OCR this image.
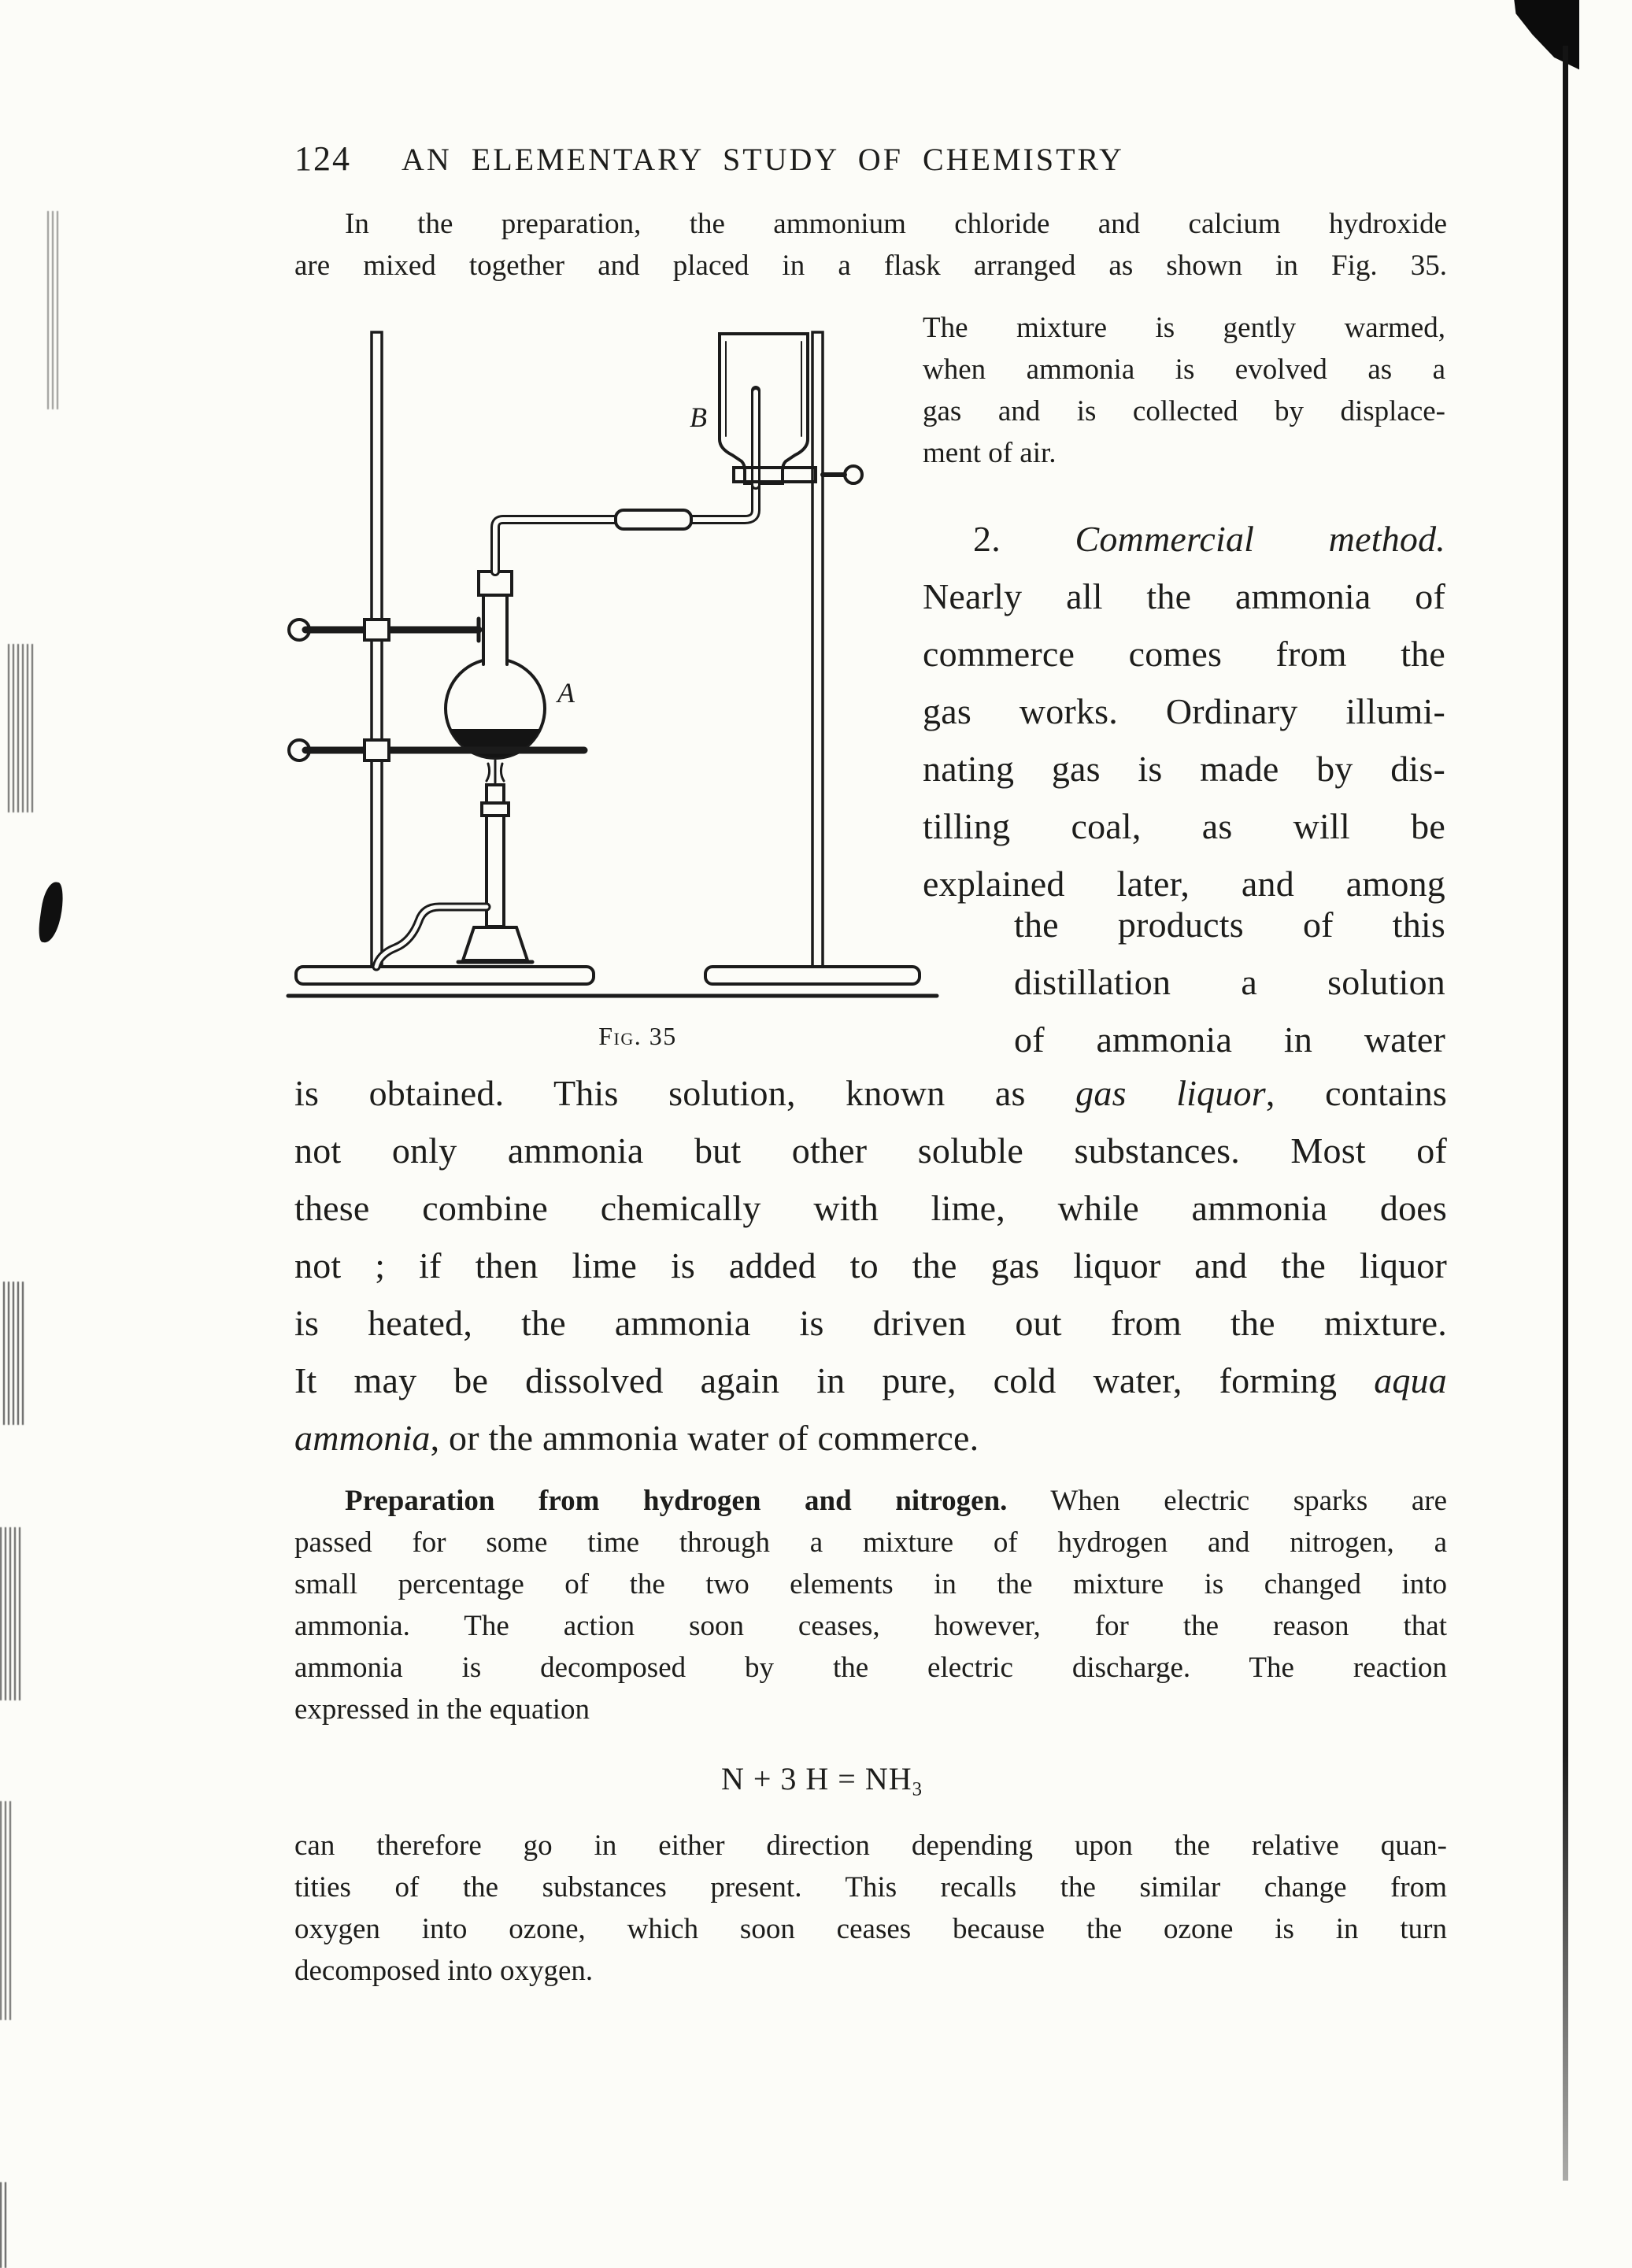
124 AN ELEMENTARY STUDY OF CHEMISTRY
In the preparation, the ammonium chloride and calcium hydroxide
are mixed together and placed in a flask arranged as shown in Fig. 35.
B
A
Fig. 35
The mixture is gently warmed,
when ammonia is evolved as a
gas and is collected by displace-
ment of air.
2. Commercial method.
Nearly all the ammonia of
commerce comes from the
gas works. Ordinary illumi-
nating gas is made by dis-
tilling coal, as will be
explained later, and among
the products of this
distillation a solution
of ammonia in water
is obtained. This solution, known as gas liquor, contains
not only ammonia but other soluble substances. Most of
these combine chemically with lime, while ammonia does
not ; if then lime is added to the gas liquor and the liquor
is heated, the ammonia is driven out from the mixture.
It may be dissolved again in pure, cold water, forming aqua
ammonia, or the ammonia water of commerce.
Preparation from hydrogen and nitrogen. When electric sparks are
passed for some time through a mixture of hydrogen and nitrogen, a
small percentage of the two elements in the mixture is changed into
ammonia. The action soon ceases, however, for the reason that
ammonia is decomposed by the electric discharge. The reaction
expressed in the equation
N + 3 $H = NH_3$
can therefore go in either direction depending upon the relative quan-
tities of the substances present. This recalls the similar change from
oxygen into ozone, which soon ceases because the ozone is in turn
decomposed into oxygen.
